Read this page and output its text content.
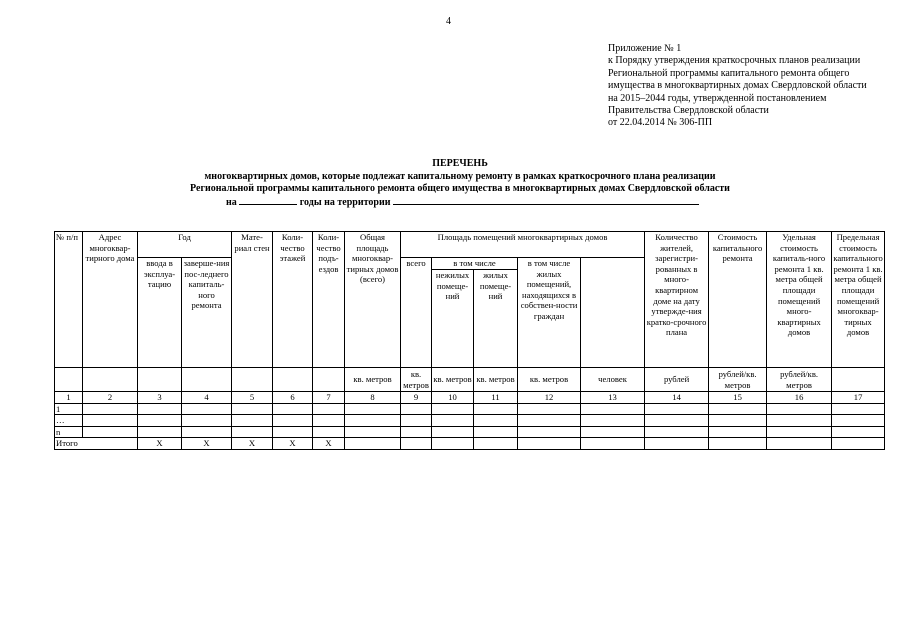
4
Приложение № 1
к Порядку утверждения краткосрочных планов реализации
Региональной программы капитального ремонта общего
имущества в многоквартирных домах Свердловской области
на 2015–2044 годы, утвержденной постановлением
Правительства Свердловской области
от 22.04.2014 № 306-ПП
ПЕРЕЧЕНЬ
многоквартирных домов, которые подлежат капитальному ремонту в рамках краткосрочного плана реализации
Региональной программы капитального ремонта общего имущества в многоквартирных домах Свердловской области
на	годы на территории
№ п/п	Адрес многоквар-тирного дома	Год		Мате-риал стен	Коли-чество этажей	Коли-чество подъ-ездов	Общая площадь многоквар-тирных домов (всего)	Площадь помещений многоквартирных домов					Количество жителей, зарегистри-рованных в много-квартирном доме на дату утвержде-ния кратко-срочного плана	Стоимость капитального ремонта	Удельная стоимость капиталь-ного ремонта 1 кв. метра общей площади помещений много-квартирных домов	Предельная стоимость капитального ремонта 1 кв. метра общей площади помещений многоквар-тирных домов	
		ввода в эксплуа-тацию	заверше-ния пос-леднего капиталь-ного ремонта					всего	в том числе		в том числе жилых помещений, находящихся в собствен-ности граждан						
									нежилых помеще-ний	жилых помеще-ний							
							кв. метров	кв. метров	кв. метров	кв. метров	кв. метров	человек	рублей	рублей/кв. метров	рублей/кв. метров		
1	2	3	4	5	6	7	8	9	10	11	12	13	14	15	16	17	
1																	
…																	
n																	
Итого		Х	Х	Х	Х	Х											
